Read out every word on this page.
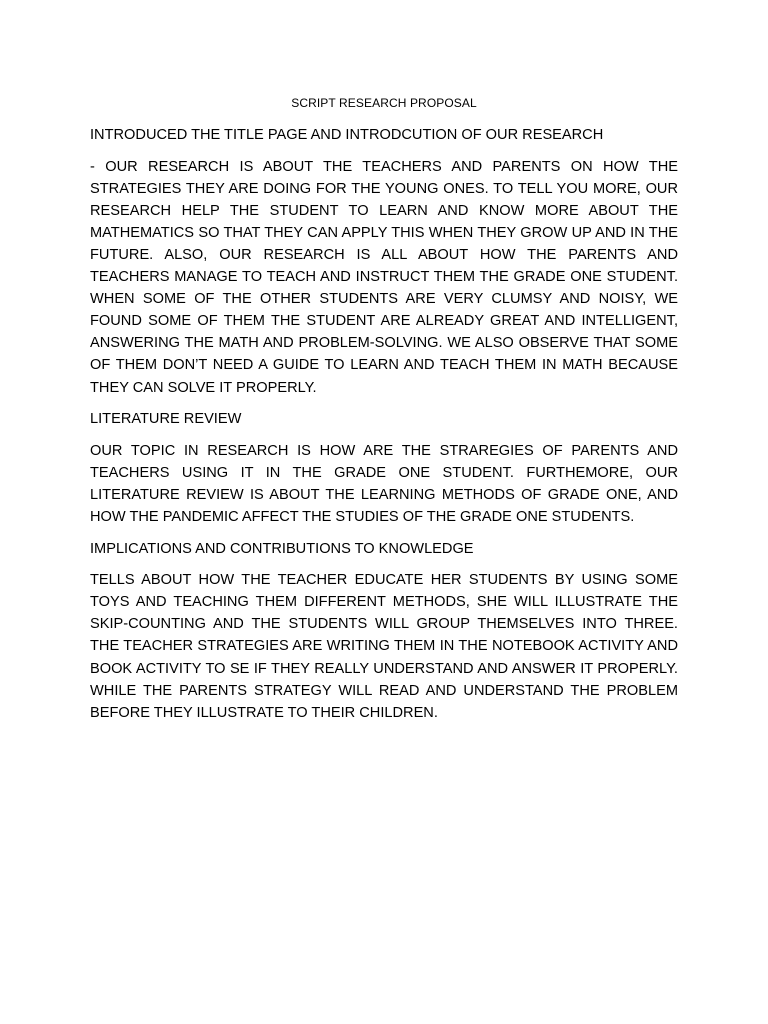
SCRIPT RESEARCH PROPOSAL

INTRODUCED THE TITLE PAGE AND INTRODCUTION OF OUR RESEARCH

- OUR RESEARCH IS ABOUT THE TEACHERS AND PARENTS ON HOW THE STRATEGIES THEY ARE DOING FOR THE YOUNG ONES. TO TELL YOU MORE, OUR RESEARCH HELP THE STUDENT TO LEARN AND KNOW MORE ABOUT THE MATHEMATICS SO THAT THEY CAN APPLY THIS WHEN THEY GROW UP AND IN THE FUTURE. ALSO, OUR RESEARCH IS ALL ABOUT HOW THE PARENTS AND TEACHERS MANAGE TO TEACH AND INSTRUCT THEM THE GRADE ONE STUDENT. WHEN SOME OF THE OTHER STUDENTS ARE VERY CLUMSY AND NOISY, WE FOUND SOME OF THEM THE STUDENT ARE ALREADY GREAT AND INTELLIGENT, ANSWERING THE MATH AND PROBLEM-SOLVING. WE ALSO OBSERVE THAT SOME OF THEM DON’T NEED A GUIDE TO LEARN AND TEACH THEM IN MATH BECAUSE THEY CAN SOLVE IT PROPERLY.

LITERATURE REVIEW

OUR TOPIC IN RESEARCH IS HOW ARE THE STRAREGIES OF PARENTS AND TEACHERS USING IT IN THE GRADE ONE STUDENT. FURTHEMORE, OUR LITERATURE REVIEW IS ABOUT THE LEARNING METHODS OF GRADE ONE, AND HOW THE PANDEMIC AFFECT THE STUDIES OF THE GRADE ONE STUDENTS.

IMPLICATIONS AND CONTRIBUTIONS TO KNOWLEDGE

TELLS ABOUT HOW THE TEACHER EDUCATE HER STUDENTS BY USING SOME TOYS AND TEACHING THEM DIFFERENT METHODS, SHE WILL ILLUSTRATE THE SKIP-COUNTING AND THE STUDENTS WILL GROUP THEMSELVES INTO THREE. THE TEACHER STRATEGIES ARE WRITING THEM IN THE NOTEBOOK ACTIVITY AND BOOK ACTIVITY TO SE IF THEY REALLY UNDERSTAND AND ANSWER IT PROPERLY. WHILE THE PARENTS STRATEGY WILL READ AND UNDERSTAND THE PROBLEM BEFORE THEY ILLUSTRATE TO THEIR CHILDREN.
